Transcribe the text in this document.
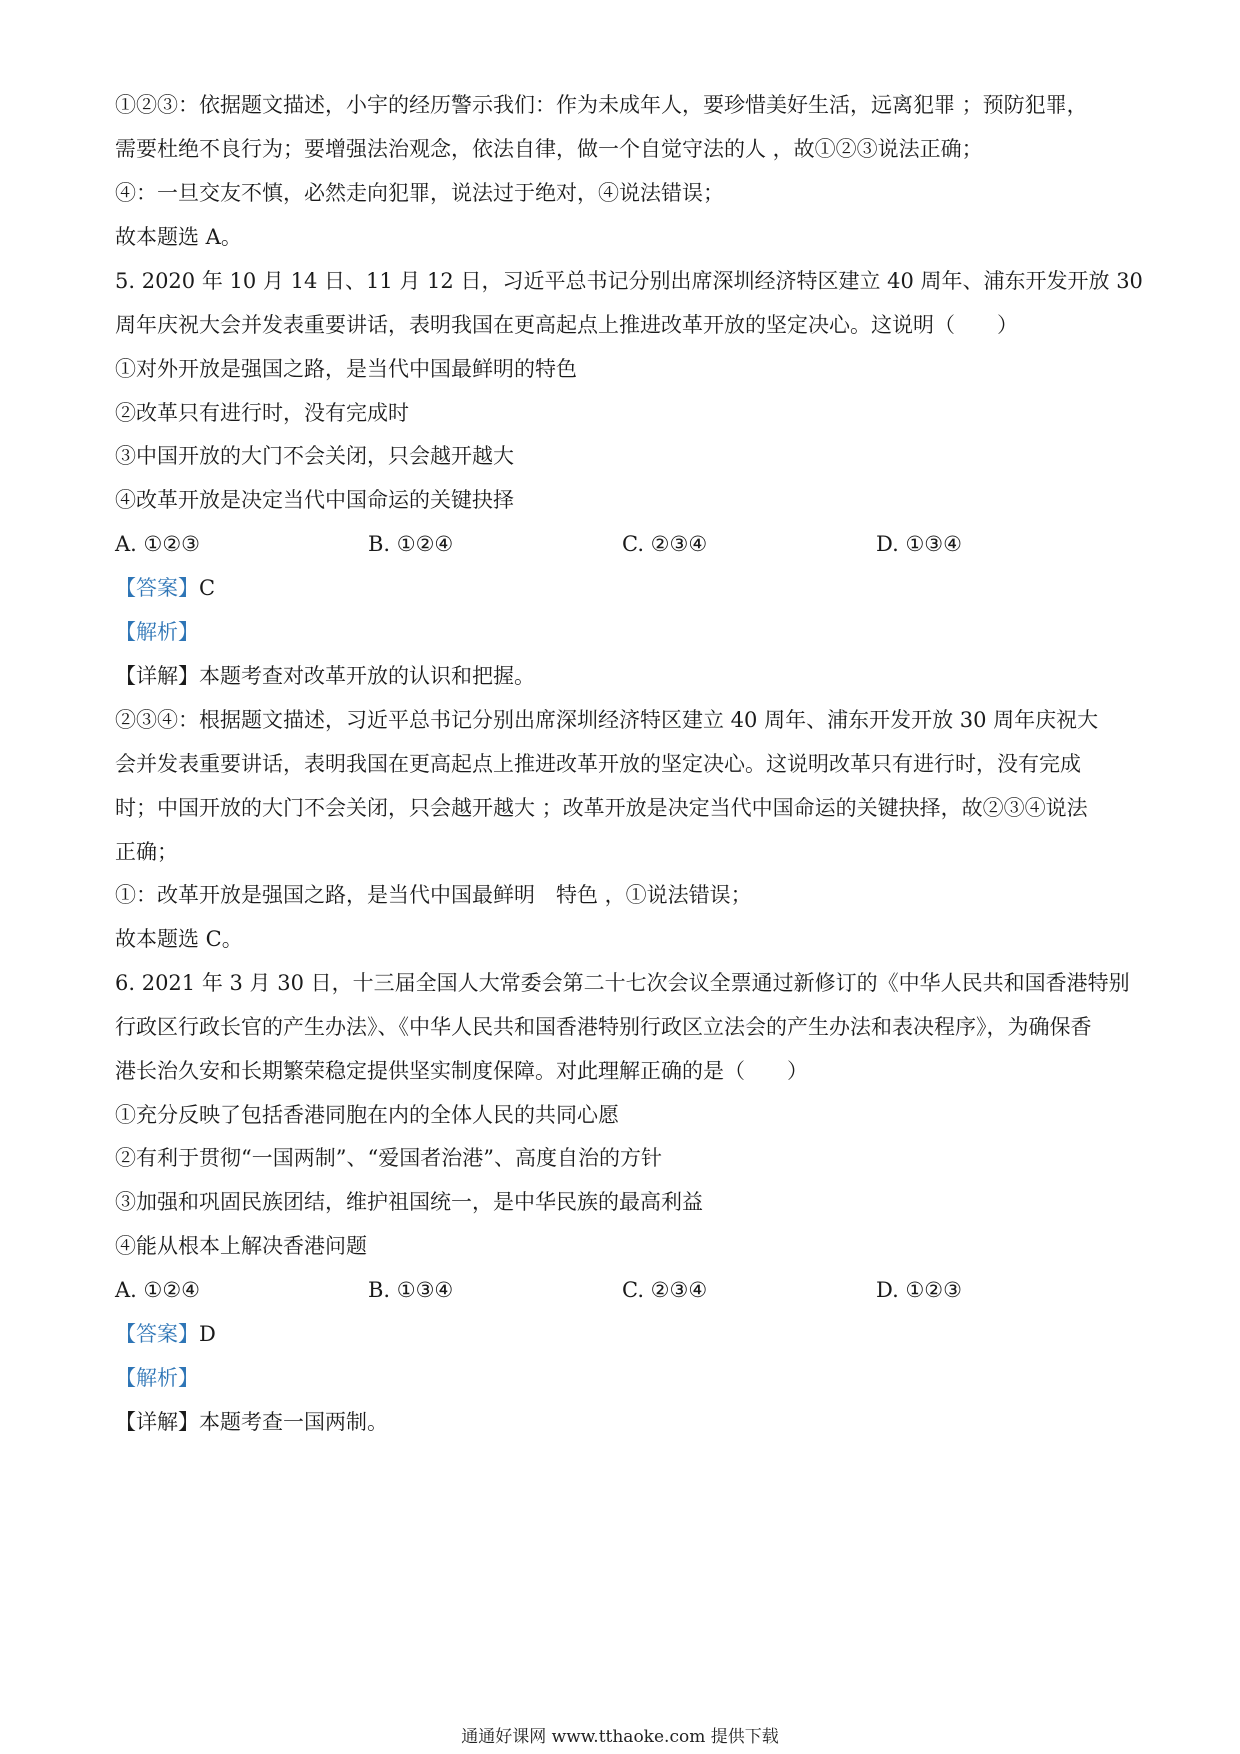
①②③：依据题文描述，小宇的经历警示我们：作为未成年人，要珍惜美好生活，远离犯罪 ；预防犯罪，
需要杜绝不良行为；要增强法治观念，依法自律，做一个自觉守法的人 ，故①②③说法正确；
④：一旦交友不慎，必然走向犯罪，说法过于绝对，④说法错误；
故本题选 A。
5. 2020 年 10 月 14 日、11 月 12 日，习近平总书记分别出席深圳经济特区建立 40 周年、浦东开发开放 30
周年庆祝大会并发表重要讲话，表明我国在更高起点上推进改革开放的坚定决心。这说明（　　）
①对外开放是强国之路，是当代中国最鲜明的特色
②改革只有进行时，没有完成时
③中国开放的大门不会关闭，只会越开越大
④改革开放是决定当代中国命运的关键抉择
A. ①②③	B. ①②④	C. ②③④	D. ①③④
【答案】C
【解析】
【详解】本题考查对改革开放的认识和把握。
②③④：根据题文描述，习近平总书记分别出席深圳经济特区建立 40 周年、浦东开发开放 30 周年庆祝大
会并发表重要讲话，表明我国在更高起点上推进改革开放的坚定决心。这说明改革只有进行时，没有完成
时；中国开放的大门不会关闭，只会越开越大 ；改革开放是决定当代中国命运的关键抉择，故②③④说法
正确；
①：改革开放是强国之路，是当代中国最鲜明　特色 ，①说法错误；
故本题选 C。
6. 2021 年 3 月 30 日，十三届全国人大常委会第二十七次会议全票通过新修订的《中华人民共和国香港特别
行政区行政长官的产生办法》、《中华人民共和国香港特别行政区立法会的产生办法和表决程序》，为确保香
港长治久安和长期繁荣稳定提供坚实制度保障。对此理解正确的是（　　）
①充分反映了包括香港同胞在内的全体人民的共同心愿
②有利于贯彻“一国两制”、“爱国者治港”、高度自治的方针
③加强和巩固民族团结，维护祖国统一，是中华民族的最高利益
④能从根本上解决香港问题
A. ①②④	B. ①③④	C. ②③④	D. ①②③
【答案】D
【解析】
【详解】本题考查一国两制。
通通好课网 www.tthaoke.com 提供下载
